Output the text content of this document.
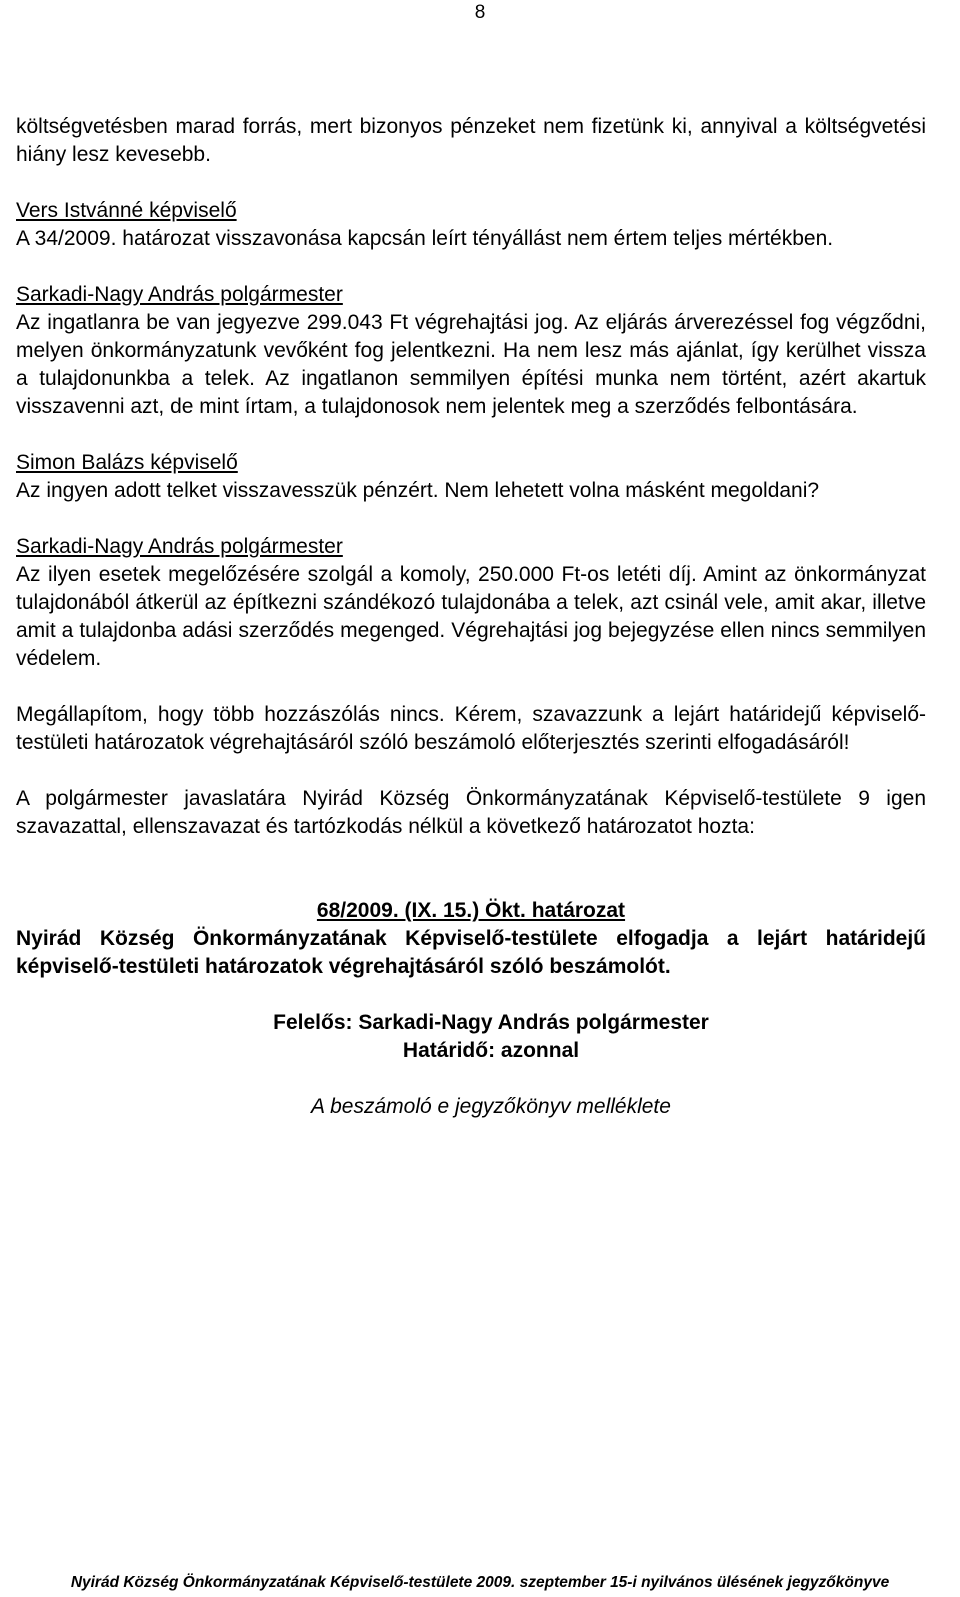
8

költségvetésben marad forrás, mert bizonyos pénzeket nem fizetünk ki, annyival a költségvetési hiány lesz kevesebb.

Vers Istvánné képviselő

A 34/2009. határozat visszavonása kapcsán leírt tényállást nem értem teljes mértékben.

Sarkadi-Nagy András polgármester

Az ingatlanra be van jegyezve 299.043 Ft végrehajtási jog. Az eljárás árverezéssel fog végződni, melyen önkormányzatunk vevőként fog jelentkezni. Ha nem lesz más ajánlat, így kerülhet vissza a tulajdonunkba a telek. Az ingatlanon semmilyen építési munka nem történt, azért akartuk visszavenni azt, de mint írtam, a tulajdonosok nem jelentek meg a szerződés felbontására.

Simon Balázs képviselő

Az ingyen adott telket visszavesszük pénzért. Nem lehetett volna másként megoldani?

Sarkadi-Nagy András polgármester

Az ilyen esetek megelőzésére szolgál a komoly, 250.000 Ft-os letéti díj. Amint az önkormányzat tulajdonából átkerül az építkezni szándékozó tulajdonába a telek, azt csinál vele, amit akar, illetve amit a tulajdonba adási szerződés megenged. Végrehajtási jog bejegyzése ellen nincs semmilyen védelem.

Megállapítom, hogy több hozzászólás nincs. Kérem, szavazzunk a lejárt határidejű képviselő-testületi határozatok végrehajtásáról szóló beszámoló előterjesztés szerinti elfogadásáról!

A polgármester javaslatára Nyirád Község Önkormányzatának Képviselő-testülete 9 igen szavazattal, ellenszavazat és tartózkodás nélkül a következő határozatot hozta:

68/2009. (IX. 15.) Ökt. határozat

Nyirád Község Önkormányzatának Képviselő-testülete elfogadja a lejárt határidejű képviselő-testületi határozatok végrehajtásáról szóló beszámolót.

Felelős: Sarkadi-Nagy András polgármester
Határidő: azonnal
A beszámoló e jegyzőkönyv melléklete
Nyirád Község Önkormányzatának Képviselő-testülete 2009. szeptember 15-i nyilvános ülésének jegyzőkönyve
